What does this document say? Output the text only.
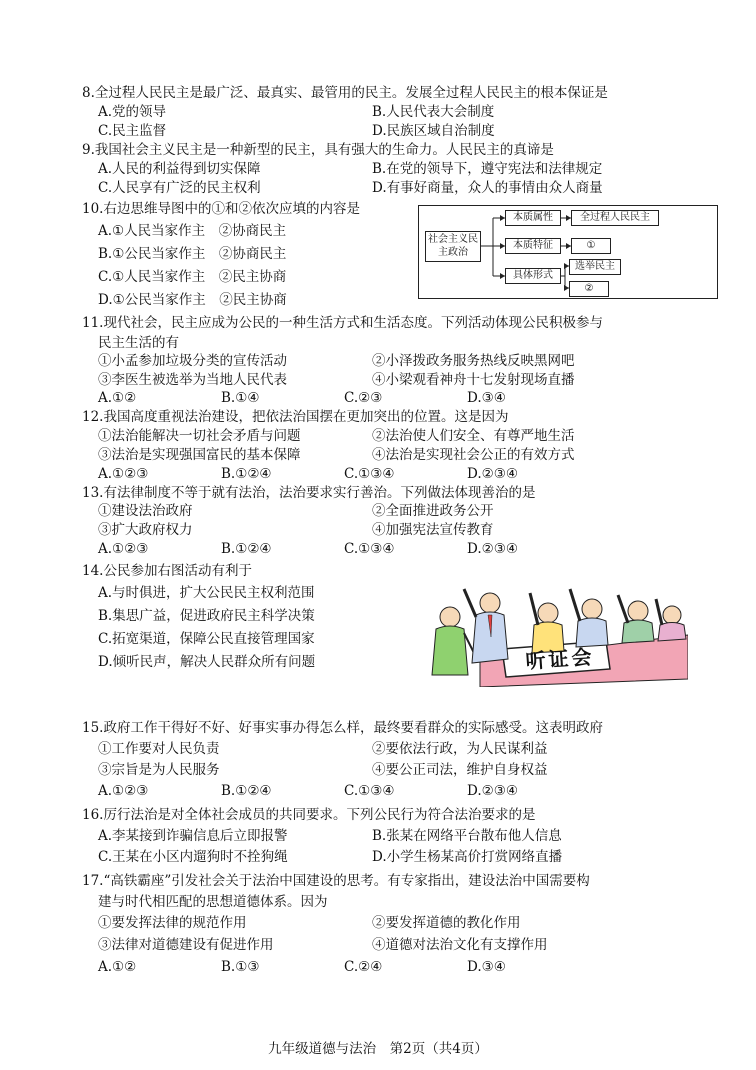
8.全过程人民民主是最广泛、最真实、最管用的民主。发展全过程人民民主的根本保证是
A.党的领导	B.人民代表大会制度
C.民主监督	D.民族区域自治制度
9.我国社会主义民主是一种新型的民主，具有强大的生命力。人民民主的真谛是
A.人民的利益得到切实保障	B.在党的领导下，遵守宪法和法律规定
C.人民享有广泛的民主权利	D.有事好商量，众人的事情由众人商量
10.右边思维导图中的①和②依次应填的内容是
A.①人民当家作主　②协商民主
B.①公民当家作主　②协商民主
C.①人民当家作主　②民主协商
D.①公民当家作主　②民主协商
社会主义民主政治
本质属性	全过程人民民主
本质特征	①
具体形式
选举民主
②
11.现代社会，民主应成为公民的一种生活方式和生活态度。下列活动体现公民积极参与
民主生活的有
①小孟参加垃圾分类的宣传活动	②小泽拨政务服务热线反映黑网吧
③李医生被选举为当地人民代表	④小梁观看神舟十七发射现场直播
A.①②	B.①④	C.②③	D.③④
12.我国高度重视法治建设，把依法治国摆在更加突出的位置。这是因为
①法治能解决一切社会矛盾与问题	②法治使人们安全、有尊严地生活
③法治是实现强国富民的基本保障	④法治是实现社会公正的有效方式
A.①②③	B.①②④	C.①③④	D.②③④
13.有法律制度不等于就有法治，法治要求实行善治。下列做法体现善治的是
①建设法治政府	②全面推进政务公开
③扩大政府权力	④加强宪法宣传教育
A.①②③	B.①②④	C.①③④	D.②③④
14.公民参加右图活动有利于
A.与时俱进，扩大公民民主权利范围
B.集思广益，促进政府民主科学决策
C.拓宽渠道，保障公民直接管理国家
D.倾听民声，解决人民群众所有问题	听证会
15.政府工作干得好不好、好事实事办得怎么样，最终要看群众的实际感受。这表明政府
①工作要对人民负责	②要依法行政，为人民谋利益
③宗旨是为人民服务	④要公正司法，维护自身权益
A.①②③	B.①②④	C.①③④	D.②③④
16.厉行法治是对全体社会成员的共同要求。下列公民行为符合法治要求的是
A.李某接到诈骗信息后立即报警	B.张某在网络平台散布他人信息
C.王某在小区内遛狗时不拴狗绳	D.小学生杨某高价打赏网络直播
17.“高铁霸座”引发社会关于法治中国建设的思考。有专家指出，建设法治中国需要构
建与时代相匹配的思想道德体系。因为
①要发挥法律的规范作用	②要发挥道德的教化作用
③法律对道德建设有促进作用	④道德对法治文化有支撑作用
A.①②	B.①③	C.②④	D.③④
九年级道德与法治　第2页（共4页）
